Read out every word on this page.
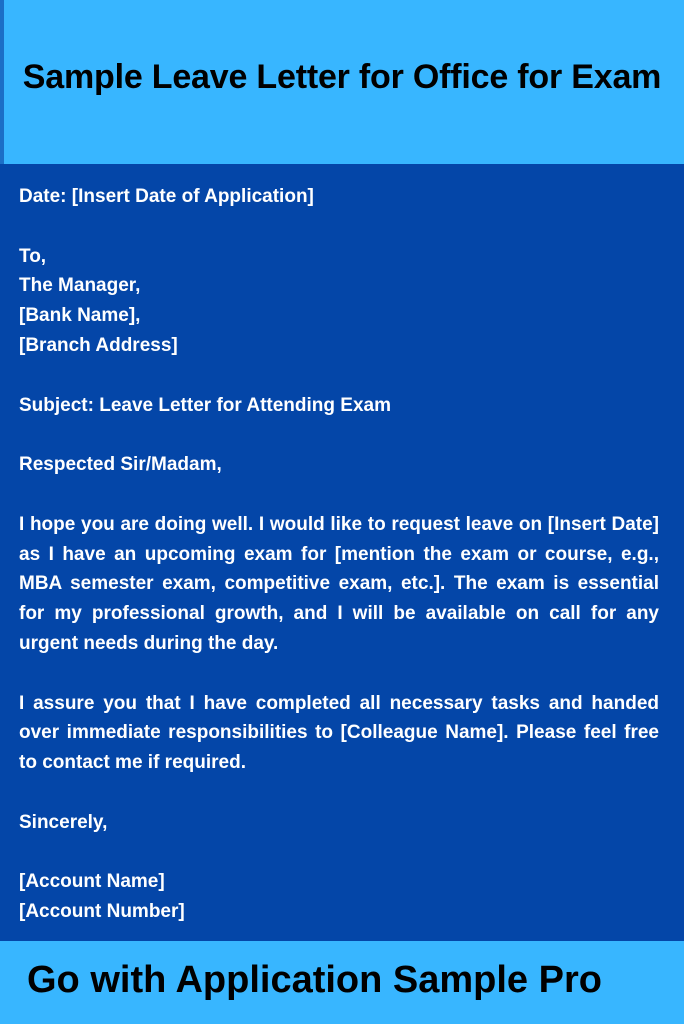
Sample Leave Letter for Office for Exam

Date: [Insert Date of Application]

To,

The Manager,

[Bank Name],

[Branch Address]

Subject: Leave Letter for Attending Exam

Respected Sir/Madam,

I hope you are doing well. I would like to request leave on [Insert Date] as I have an upcoming exam for [mention the exam or course, e.g., MBA semester exam, competitive exam, etc.]. The exam is essential for my professional growth, and I will be available on call for any urgent needs during the day.

I assure you that I have completed all necessary tasks and handed over immediate responsibilities to [Colleague Name]. Please feel free to contact me if required.

Sincerely,

[Account Name]

[Account Number]

Go with Application Sample Pro
